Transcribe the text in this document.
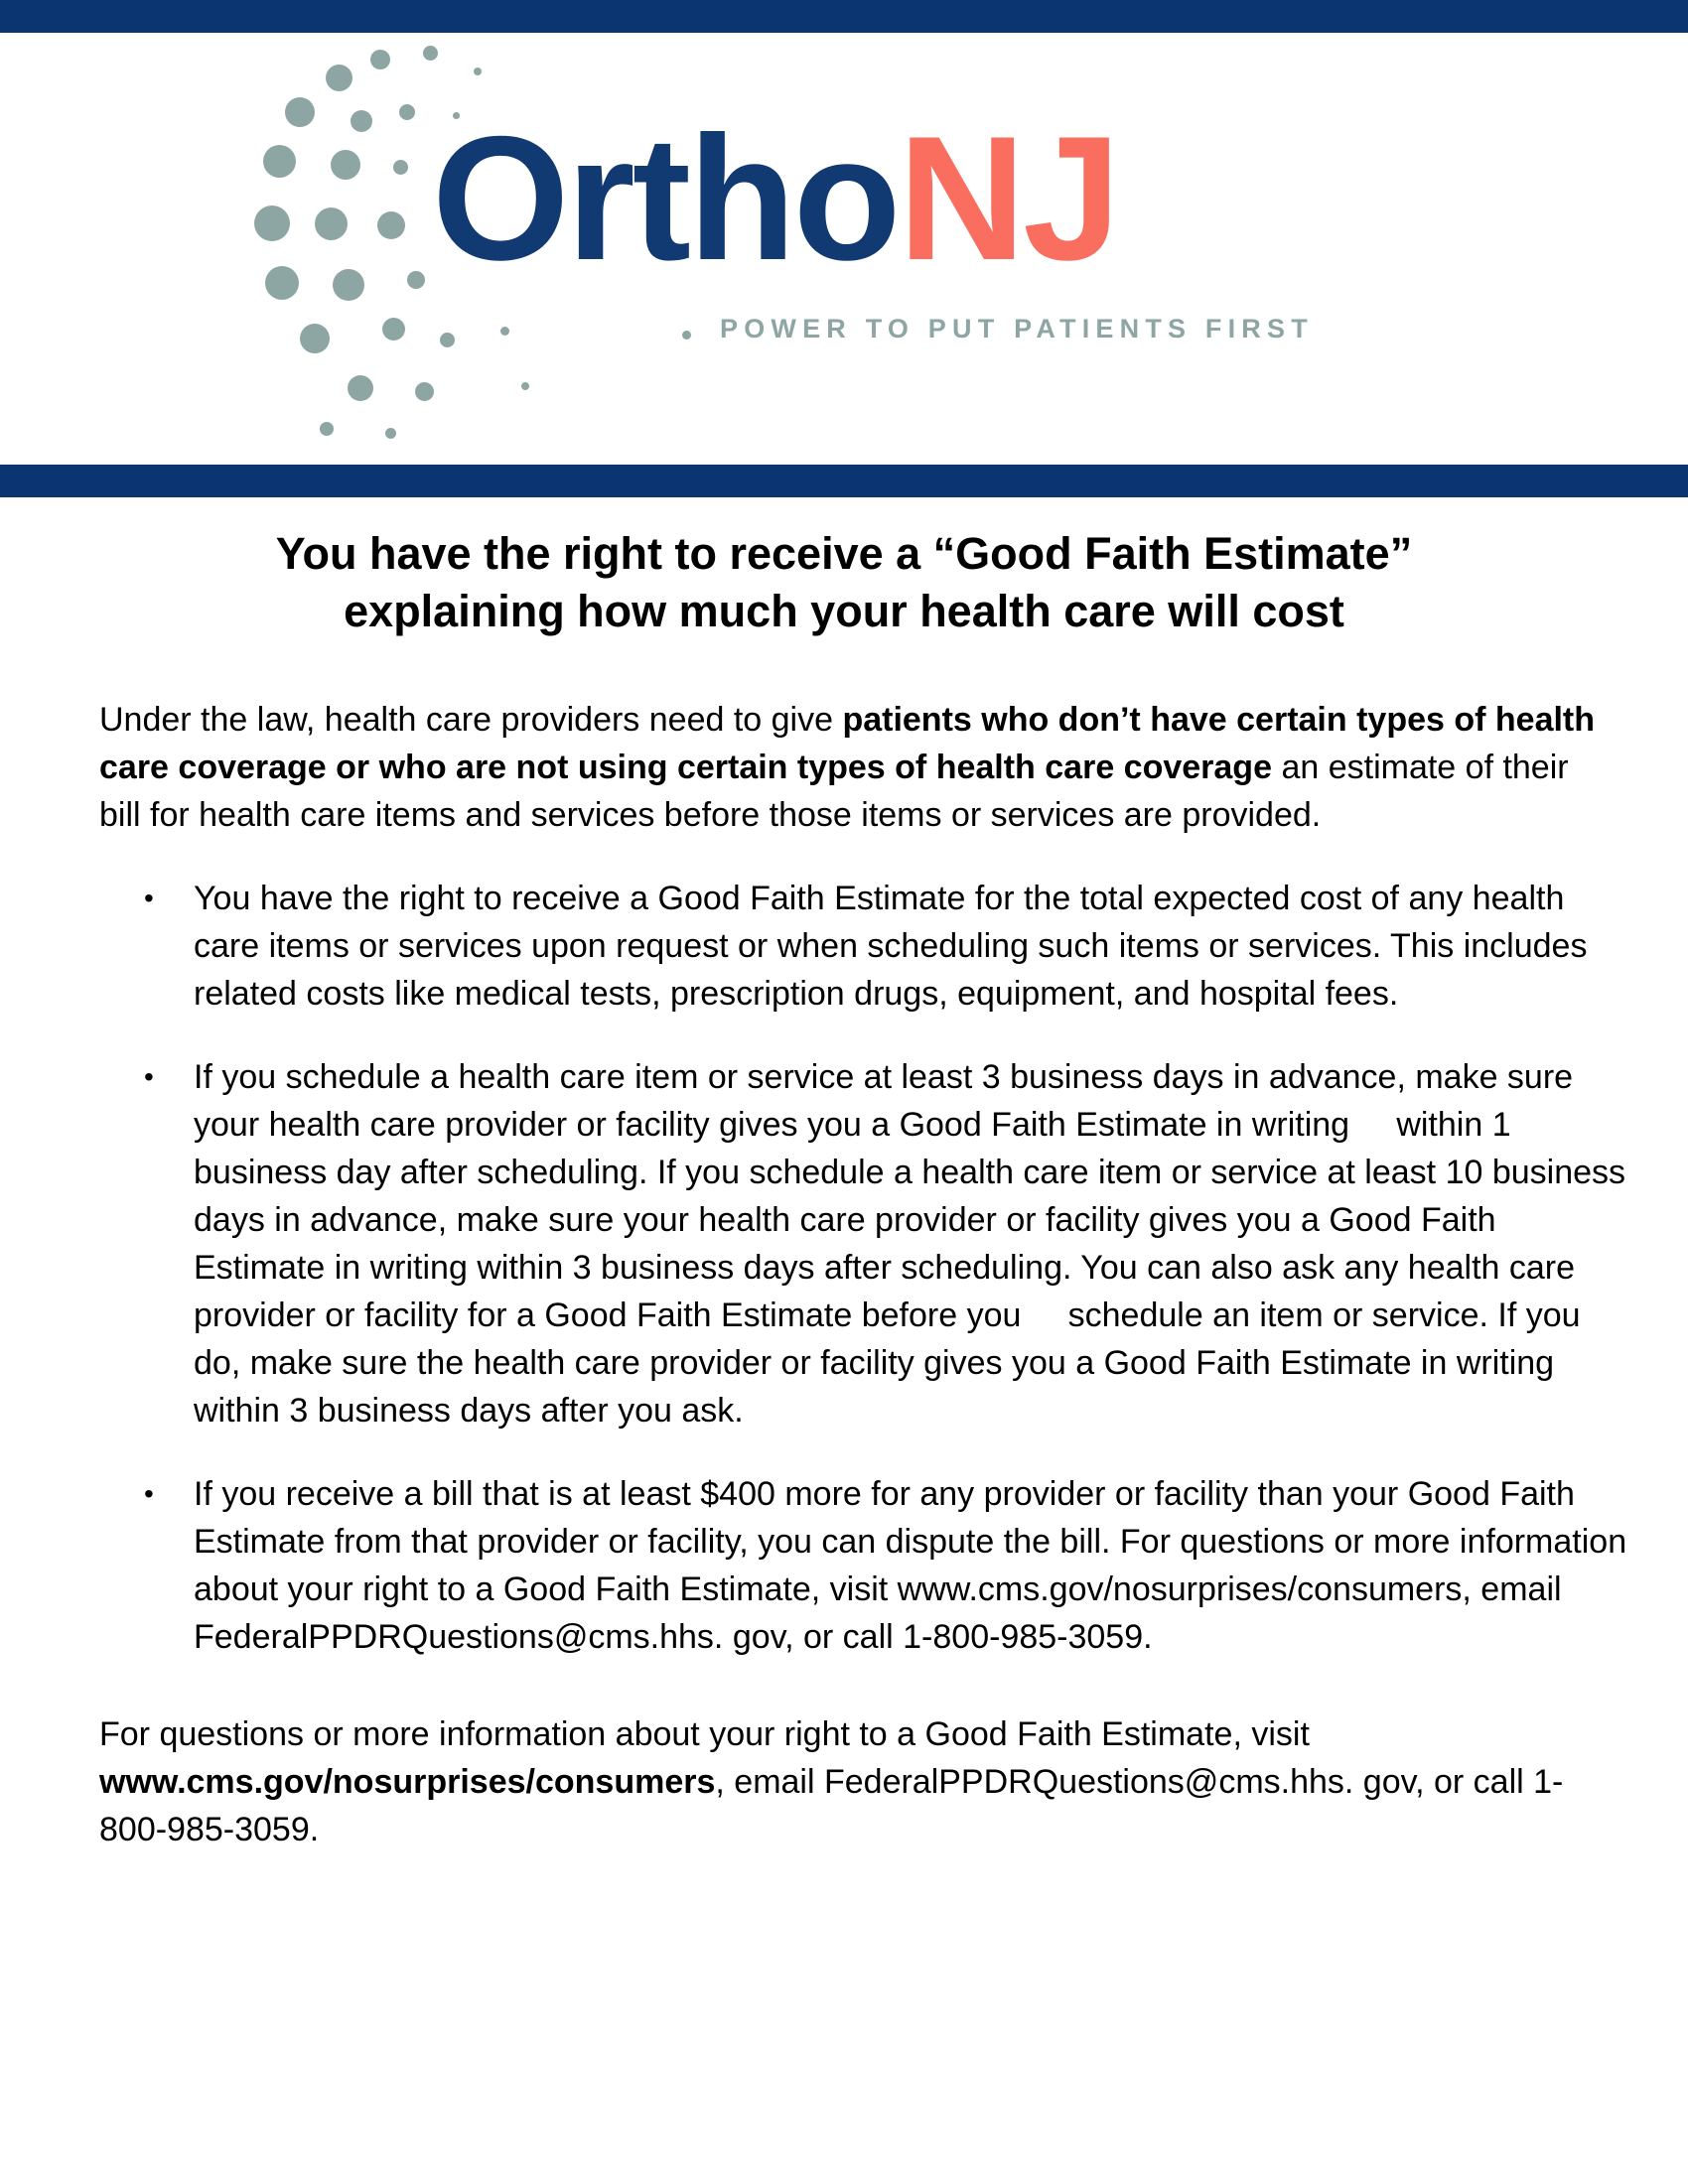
OrthoNJ
POWER TO PUT PATIENTS FIRST
You have the right to receive a “Good Faith Estimate”
explaining how much your health care will cost

Under the law, health care providers need to give patients who don’t have certain types of health care coverage or who are not using certain types of health care coverage an estimate of their bill for health care items and services before those items or services are provided.

• You have the right to receive a Good Faith Estimate for the total expected cost of any health care items or services upon request or when scheduling such items or services. This includes related costs like medical tests, prescription drugs, equipment, and hospital fees.
• If you schedule a health care item or service at least 3 business days in advance, make sure your health care provider or facility gives you a Good Faith Estimate in writing within 1 business day after scheduling. If you schedule a health care item or service at least 10 business days in advance, make sure your health care provider or facility gives you a Good Faith Estimate in writing within 3 business days after scheduling. You can also ask any health care provider or facility for a Good Faith Estimate before you schedule an item or service. If you do, make sure the health care provider or facility gives you a Good Faith Estimate in writing within 3 business days after you ask.
• If you receive a bill that is at least $400 more for any provider or facility than your Good Faith Estimate from that provider or facility, you can dispute the bill. For questions or more information about your right to a Good Faith Estimate, visit www.cms.gov/nosurprises/consumers, email FederalPPDRQuestions@cms.hhs. gov, or call 1-800-985-3059.

For questions or more information about your right to a Good Faith Estimate, visit www.cms.gov/nosurprises/consumers, email FederalPPDRQuestions@cms.hhs. gov, or call 1-800-985-3059.
